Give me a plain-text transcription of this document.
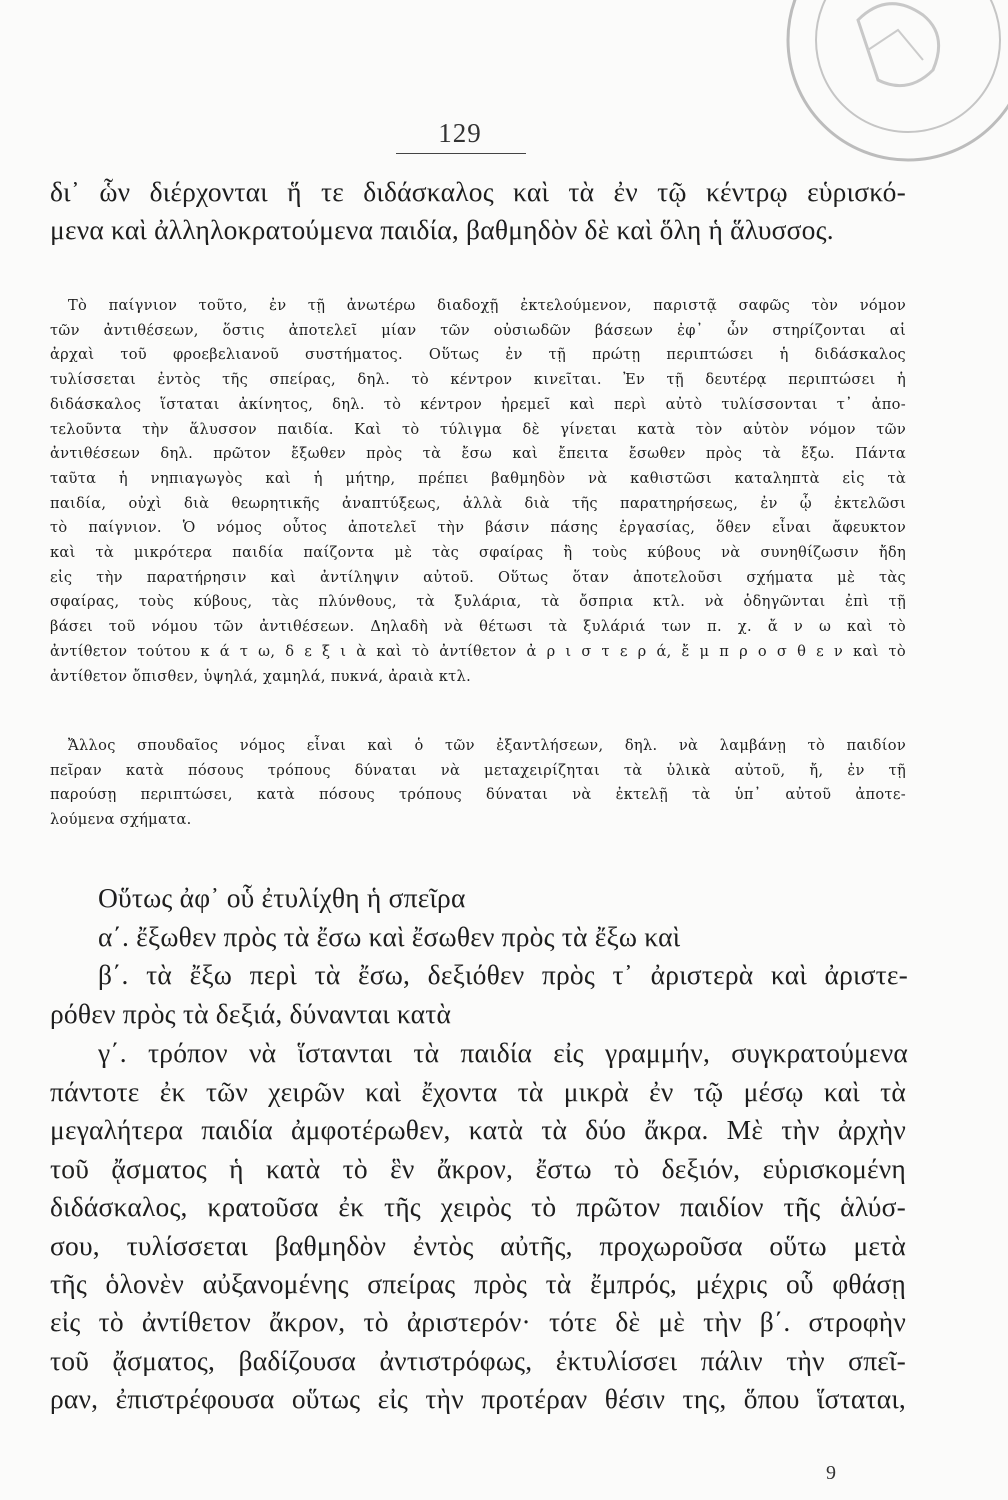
129
δι᾽ ὧν διέρχονται ἥ τε διδάσκαλος καὶ τὰ ἐν τῷ κέντρῳ εὑρισκό-
μενα καὶ ἀλληλοκρατούμενα παιδία, βαθμηδὸν δὲ καὶ ὅλη ἡ ἅλυσσος.
Τὸ παίγνιον τοῦτο, ἐν τῇ ἀνωτέρω διαδοχῇ ἐκτελούμενον, παριστᾷ σαφῶς τὸν νόμον
τῶν ἀντιθέσεων, ὅστις ἀποτελεῖ μίαν τῶν οὐσιωδῶν βάσεων ἐφ᾽ ὧν στηρίζονται αἱ
ἀρχαὶ τοῦ φροεβελιανοῦ συστήματος. Οὕτως ἐν τῇ πρώτῃ περιπτώσει ἡ διδάσκαλος
τυλίσσεται ἐντὸς τῆς σπείρας, δηλ. τὸ κέντρον κινεῖται. Ἐν τῇ δευτέρᾳ περιπτώσει ἡ
διδάσκαλος ἵσταται ἀκίνητος, δηλ. τὸ κέντρον ἠρεμεῖ καὶ περὶ αὐτὸ τυλίσσονται τ᾽ ἀπο-
τελοῦντα τὴν ἅλυσσον παιδία. Καὶ τὸ τύλιγμα δὲ γίνεται κατὰ τὸν αὐτὸν νόμον τῶν
ἀντιθέσεων δηλ. πρῶτον ἔξωθεν πρὸς τὰ ἔσω καὶ ἔπειτα ἔσωθεν πρὸς τὰ ἔξω. Πάντα
ταῦτα ἡ νηπιαγωγὸς καὶ ἡ μήτηρ, πρέπει βαθμηδὸν νὰ καθιστῶσι καταληπτὰ εἰς τὰ
παιδία, οὐχὶ διὰ θεωρητικῆς ἀναπτύξεως, ἀλλὰ διὰ τῆς παρατηρήσεως, ἐν ᾧ ἐκτελῶσι
τὸ παίγνιον. Ὁ νόμος οὗτος ἀποτελεῖ τὴν βάσιν πάσης ἐργασίας, ὅθεν εἶναι ἄφευκτον
καὶ τὰ μικρότερα παιδία παίζοντα μὲ τὰς σφαίρας ἢ τοὺς κύβους νὰ συνηθίζωσιν ἤδη
εἰς τὴν παρατήρησιν καὶ ἀντίληψιν αὐτοῦ. Οὕτως ὅταν ἀποτελοῦσι σχήματα μὲ τὰς
σφαίρας, τοὺς κύβους, τὰς πλύνθους, τὰ ξυλάρια, τὰ ὄσπρια κτλ. νὰ ὁδηγῶνται ἐπὶ τῇ
βάσει τοῦ νόμου τῶν ἀντιθέσεων. Δηλαδὴ νὰ θέτωσι τὰ ξυλάριά των π. χ. ἄ ν ω καὶ τὸ
ἀντίθετον τούτου κ ά τ ω, δ ε ξ ι ὰ καὶ τὸ ἀντίθετον ἀ ρ ι σ τ ε ρ ά, ἔ μ π ρ ο σ θ ε ν καὶ τὸ
ἀντίθετον ὄπισθεν, ὑψηλά, χαμηλά, πυκνά, ἀραιὰ κτλ.
Ἄλλος σπουδαῖος νόμος εἶναι καὶ ὁ τῶν ἐξαντλήσεων, δηλ. νὰ λαμβάνῃ τὸ παιδίον
πεῖραν κατὰ πόσους τρόπους δύναται νὰ μεταχειρίζηται τὰ ὑλικὰ αὐτοῦ, ἤ, ἐν τῇ
παρούσῃ περιπτώσει, κατὰ πόσους τρόπους δύναται νὰ ἐκτελῇ τὰ ὑπ᾽ αὐτοῦ ἀποτε-
λούμενα σχήματα.
Οὕτως ἀφ᾽ οὗ ἐτυλίχθη ἡ σπεῖρα
α΄. ἔξωθεν πρὸς τὰ ἔσω καὶ ἔσωθεν πρὸς τὰ ἔξω καὶ
β΄. τὰ ἔξω περὶ τὰ ἔσω, δεξιόθεν πρὸς τ᾽ ἀριστερὰ καὶ ἀριστε-
ρόθεν πρὸς τὰ δεξιά, δύνανται κατὰ
γ΄. τρόπον νὰ ἵστανται τὰ παιδία εἰς γραμμήν, συγκρατούμενα
πάντοτε ἐκ τῶν χειρῶν καὶ ἔχοντα τὰ μικρὰ ἐν τῷ μέσῳ καὶ τὰ
μεγαλήτερα παιδία ἀμφοτέρωθεν, κατὰ τὰ δύο ἄκρα. Μὲ τὴν ἀρχὴν
τοῦ ᾄσματος ἡ κατὰ τὸ ἓν ἄκρον, ἔστω τὸ δεξιόν, εὑρισκομένη
διδάσκαλος, κρατοῦσα ἐκ τῆς χειρὸς τὸ πρῶτον παιδίον τῆς ἁλύσ-
σου, τυλίσσεται βαθμηδὸν ἐντὸς αὐτῆς, προχωροῦσα οὕτω μετὰ
τῆς ὁλονὲν αὐξανομένης σπείρας πρὸς τὰ ἔμπρός, μέχρις οὗ φθάσῃ
εἰς τὸ ἀντίθετον ἄκρον, τὸ ἀριστερόν· τότε δὲ μὲ τὴν β΄. στροφὴν
τοῦ ᾄσματος, βαδίζουσα ἀντιστρόφως, ἐκτυλίσσει πάλιν τὴν σπεῖ-
ραν, ἐπιστρέφουσα οὕτως εἰς τὴν προτέραν θέσιν της, ὅπου ἵσταται,
9
